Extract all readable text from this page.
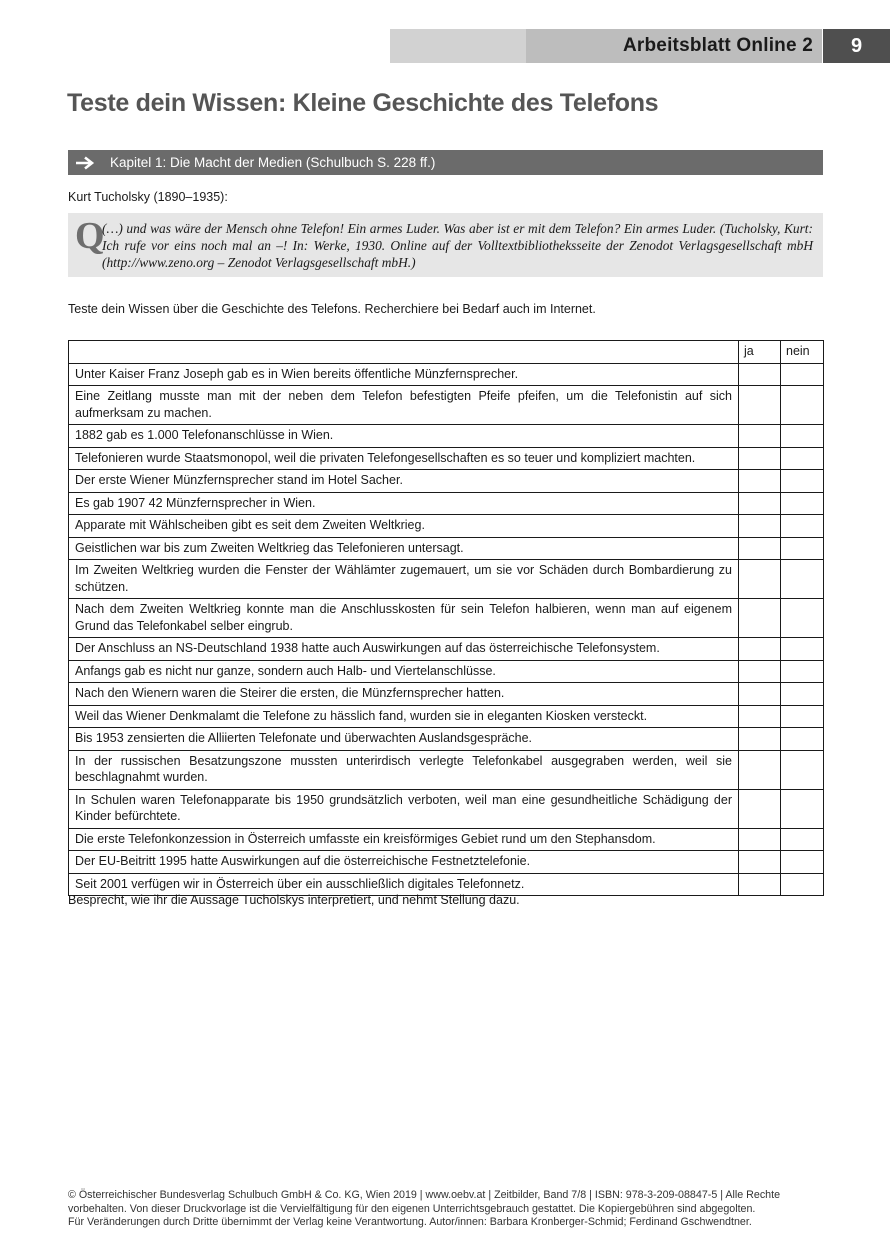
Arbeitsblatt Online 2 9
Teste dein Wissen: Kleine Geschichte des Telefons
Kapitel 1: Die Macht der Medien (Schulbuch S. 228 ff.)
Kurt Tucholsky (1890–1935):
Q
(…) und was wäre der Mensch ohne Telefon! Ein armes Luder. Was aber ist er mit dem Telefon? Ein armes Luder. (Tucholsky, Kurt: Ich rufe vor eins noch mal an –! In: Werke, 1930. Online auf der Volltextbibliotheksseite der Zenodot Verlagsgesellschaft mbH (http://www.zeno.org – Zenodot Verlagsgesellschaft mbH.)
Teste dein Wissen über die Geschichte des Telefons. Recherchiere bei Bedarf auch im Internet.
	ja	nein
Unter Kaiser Franz Joseph gab es in Wien bereits öffentliche Münzfernsprecher.		
Eine Zeitlang musste man mit der neben dem Telefon befestigten Pfeife pfeifen, um die Telefonistin auf sich aufmerksam zu machen.		
1882 gab es 1.000 Telefonanschlüsse in Wien.		
Telefonieren wurde Staatsmonopol, weil die privaten Telefongesellschaften es so teuer und kompliziert machten.		
Der erste Wiener Münzfernsprecher stand im Hotel Sacher.		
Es gab 1907 42 Münzfernsprecher in Wien.		
Apparate mit Wählscheiben gibt es seit dem Zweiten Weltkrieg.		
Geistlichen war bis zum Zweiten Weltkrieg das Telefonieren untersagt.		
Im Zweiten Weltkrieg wurden die Fenster der Wählämter zugemauert, um sie vor Schäden durch Bombardierung zu schützen.		
Nach dem Zweiten Weltkrieg konnte man die Anschlusskosten für sein Telefon halbieren, wenn man auf eigenem Grund das Telefonkabel selber eingrub.		
Der Anschluss an NS-Deutschland 1938 hatte auch Auswirkungen auf das österreichische Telefonsystem.		
Anfangs gab es nicht nur ganze, sondern auch Halb- und Viertelanschlüsse.		
Nach den Wienern waren die Steirer die ersten, die Münzfernsprecher hatten.		
Weil das Wiener Denkmalamt die Telefone zu hässlich fand, wurden sie in eleganten Kiosken versteckt.		
Bis 1953 zensierten die Alliierten Telefonate und überwachten Auslandsgespräche.		
In der russischen Besatzungszone mussten unterirdisch verlegte Telefonkabel ausgegraben werden, weil sie beschlagnahmt wurden.		
In Schulen waren Telefonapparate bis 1950 grundsätzlich verboten, weil man eine gesundheitliche Schädigung der Kinder befürchtete.		
Die erste Telefonkonzession in Österreich umfasste ein kreisförmiges Gebiet rund um den Stephansdom.		
Der EU-Beitritt 1995 hatte Auswirkungen auf die österreichische Festnetztelefonie.		
Seit 2001 verfügen wir in Österreich über ein ausschließlich digitales Telefonnetz.		
Besprecht, wie ihr die Aussage Tucholskys interpretiert, und nehmt Stellung dazu.
© Österreichischer Bundesverlag Schulbuch GmbH & Co. KG, Wien 2019 | www.oebv.at | Zeitbilder, Band 7/8 | ISBN: 978-3-209-08847-5 | Alle Rechte
vorbehalten. Von dieser Druckvorlage ist die Vervielfältigung für den eigenen Unterrichtsgebrauch gestattet. Die Kopiergebühren sind abgegolten.
Für Veränderungen durch Dritte übernimmt der Verlag keine Verantwortung. Autor/innen: Barbara Kronberger-Schmid; Ferdinand Gschwendtner.
